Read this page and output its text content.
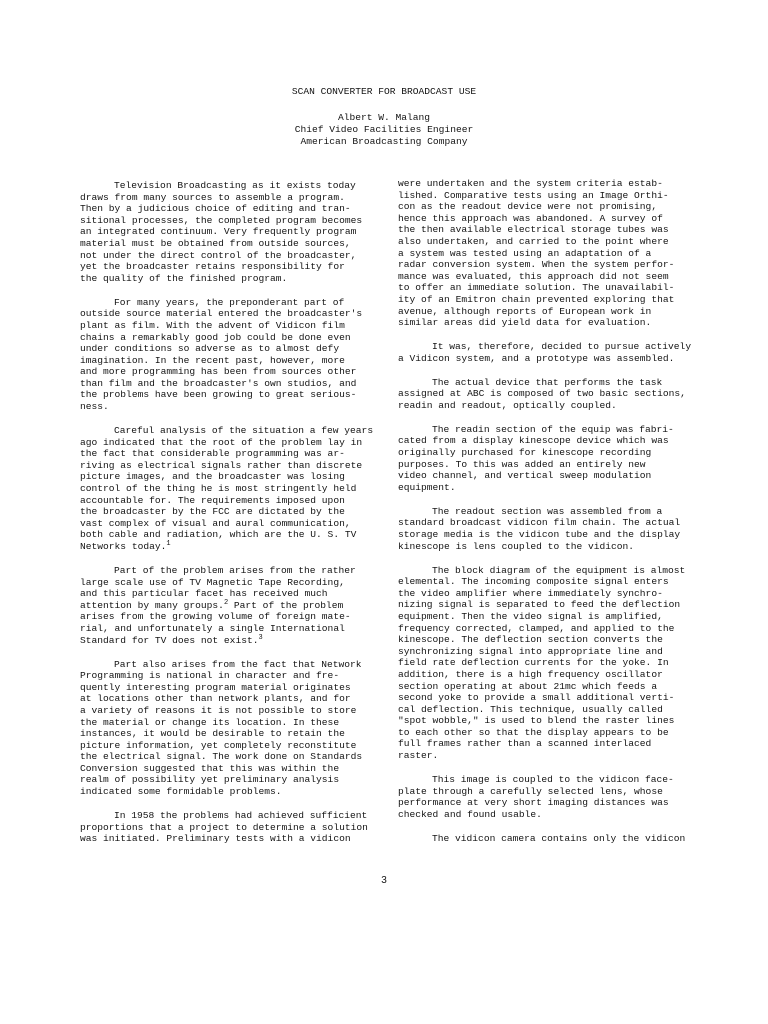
SCAN CONVERTER FOR BROADCAST USE
Albert W. Malang
Chief Video Facilities Engineer
American Broadcasting Company

Television Broadcasting as it exists today

draws from many sources to assemble a program.
Then by a judicious choice of editing and tran-
sitional processes, the completed program becomes
an integrated continuum. Very frequently program
material must be obtained from outside sources,
not under the direct control of the broadcaster,
yet the broadcaster retains responsibility for
the quality of the finished program.

For many years, the preponderant part of

outside source material entered the broadcaster's
plant as film. With the advent of Vidicon film
chains a remarkably good job could be done even
under conditions so adverse as to almost defy
imagination. In the recent past, however, more
and more programming has been from sources other
than film and the broadcaster's own studios, and
the problems have been growing to great serious-
ness.

Careful analysis of the situation a few years

ago indicated that the root of the problem lay in
the fact that considerable programming was ar-
riving as electrical signals rather than discrete
picture images, and the broadcaster was losing
control of the thing he is most stringently held
accountable for. The requirements imposed upon
the broadcaster by the FCC are dictated by the
vast complex of visual and aural communication,
both cable and radiation, which are the U. S. TV
Networks today.$^1$

Part of the problem arises from the rather

large scale use of TV Magnetic Tape Recording,
and this particular facet has received much
attention by many groups.$^2$ Part of the problem
arises from the growing volume of foreign mate-
rial, and unfortunately a single International
Standard for TV does not exist.$^3$

Part also arises from the fact that Network

Programming is national in character and fre-
quently interesting program material originates
at locations other than network plants, and for
a variety of reasons it is not possible to store
the material or change its location. In these
instances, it would be desirable to retain the
picture information, yet completely reconstitute
the electrical signal. The work done on Standards
Conversion suggested that this was within the
realm of possibility yet preliminary analysis
indicated some formidable problems.

In 1958 the problems had achieved sufficient

proportions that a project to determine a solution
was initiated. Preliminary tests with a vidicon

were undertaken and the system criteria estab-
lished. Comparative tests using an Image Orthi-
con as the readout device were not promising,
hence this approach was abandoned. A survey of
the then available electrical storage tubes was
also undertaken, and carried to the point where
a system was tested using an adaptation of a
radar conversion system. When the system perfor-
mance was evaluated, this approach did not seem
to offer an immediate solution. The unavailabil-
ity of an Emitron chain prevented exploring that
avenue, although reports of European work in
similar areas did yield data for evaluation.

It was, therefore, decided to pursue actively

a Vidicon system, and a prototype was assembled.

The actual device that performs the task

assigned at ABC is composed of two basic sections,
readin and readout, optically coupled.

The readin section of the equip was fabri-

cated from a display kinescope device which was
originally purchased for kinescope recording
purposes. To this was added an entirely new
video channel, and vertical sweep modulation
equipment.

The readout section was assembled from a

standard broadcast vidicon film chain. The actual
storage media is the vidicon tube and the display
kinescope is lens coupled to the vidicon.

The block diagram of the equipment is almost

elemental. The incoming composite signal enters
the video amplifier where immediately synchro-
nizing signal is separated to feed the deflection
equipment. Then the video signal is amplified,
frequency corrected, clamped, and applied to the
kinescope. The deflection section converts the
synchronizing signal into appropriate line and
field rate deflection currents for the yoke. In
addition, there is a high frequency oscillator
section operating at about 21mc which feeds a
second yoke to provide a small additional verti-
cal deflection. This technique, usually called
"spot wobble," is used to blend the raster lines
to each other so that the display appears to be
full frames rather than a scanned interlaced
raster.

This image is coupled to the vidicon face-

plate through a carefully selected lens, whose
performance at very short imaging distances was
checked and found usable.

The vidicon camera contains only the vidicon

3
